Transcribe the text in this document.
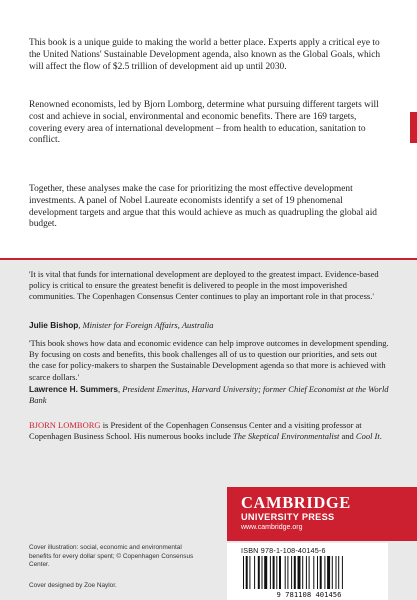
This book is a unique guide to making the world a better place. Experts apply a critical eye to the United Nations' Sustainable Development agenda, also known as the Global Goals, which will affect the flow of $2.5 trillion of development aid up until 2030.

Renowned economists, led by Bjorn Lomborg, determine what pursuing different targets will cost and achieve in social, environmental and economic benefits. There are 169 targets, covering every area of international development – from health to education, sanitation to conflict.

Together, these analyses make the case for prioritizing the most effective development investments. A panel of Nobel Laureate economists identify a set of 19 phenomenal development targets and argue that this would achieve as much as quadrupling the global aid budget.

'It is vital that funds for international development are deployed to the greatest impact. Evidence-based policy is critical to ensure the greatest benefit is delivered to people in the most impoverished communities. The Copenhagen Consensus Center continues to play an important role in that process.'

Julie Bishop, Minister for Foreign Affairs, Australia

'This book shows how data and economic evidence can help improve outcomes in development spending. By focusing on costs and benefits, this book challenges all of us to question our priorities, and sets out the case for policy-makers to sharpen the Sustainable Development agenda so that more is achieved with scarce dollars.'

Lawrence H. Summers, President Emeritus, Harvard University; former Chief Economist at the World Bank

BJORN LOMBORG is President of the Copenhagen Consensus Center and a visiting professor at Copenhagen Business School. His numerous books include The Skeptical Environmentalist and Cool It.

Cover illustration: social, economic and environmental benefits for every dollar spent; © Copenhagen Consensus Center.

Cover designed by Zoe Naylor.

CAMBRIDGE

UNIVERSITY PRESS

www.cambridge.org

ISBN 978-1-108-40145-6

9 781108 401456
